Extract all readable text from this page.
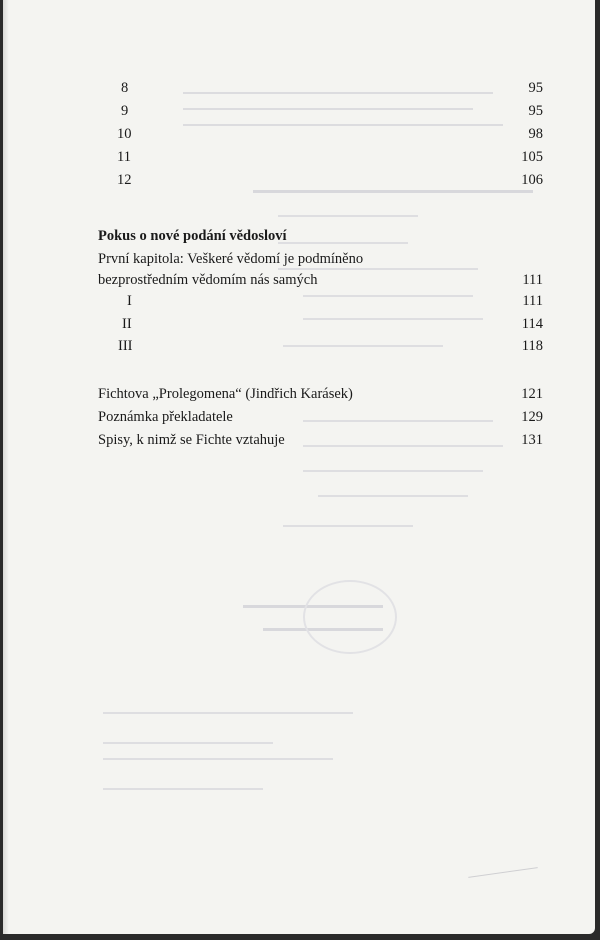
8	95
9	95
10	98
11	105
12	106
Pokus o nové podání vědosloví
První kapitola: Veškeré vědomí je podmíněno
bezprostředním vědomím nás samých	111
I	111
II	114
III	118
Fichtova „Prolegomena“ (Jindřich Karásek)	121
Poznámka překladatele	129
Spisy, k nimž se Fichte vztahuje	131
